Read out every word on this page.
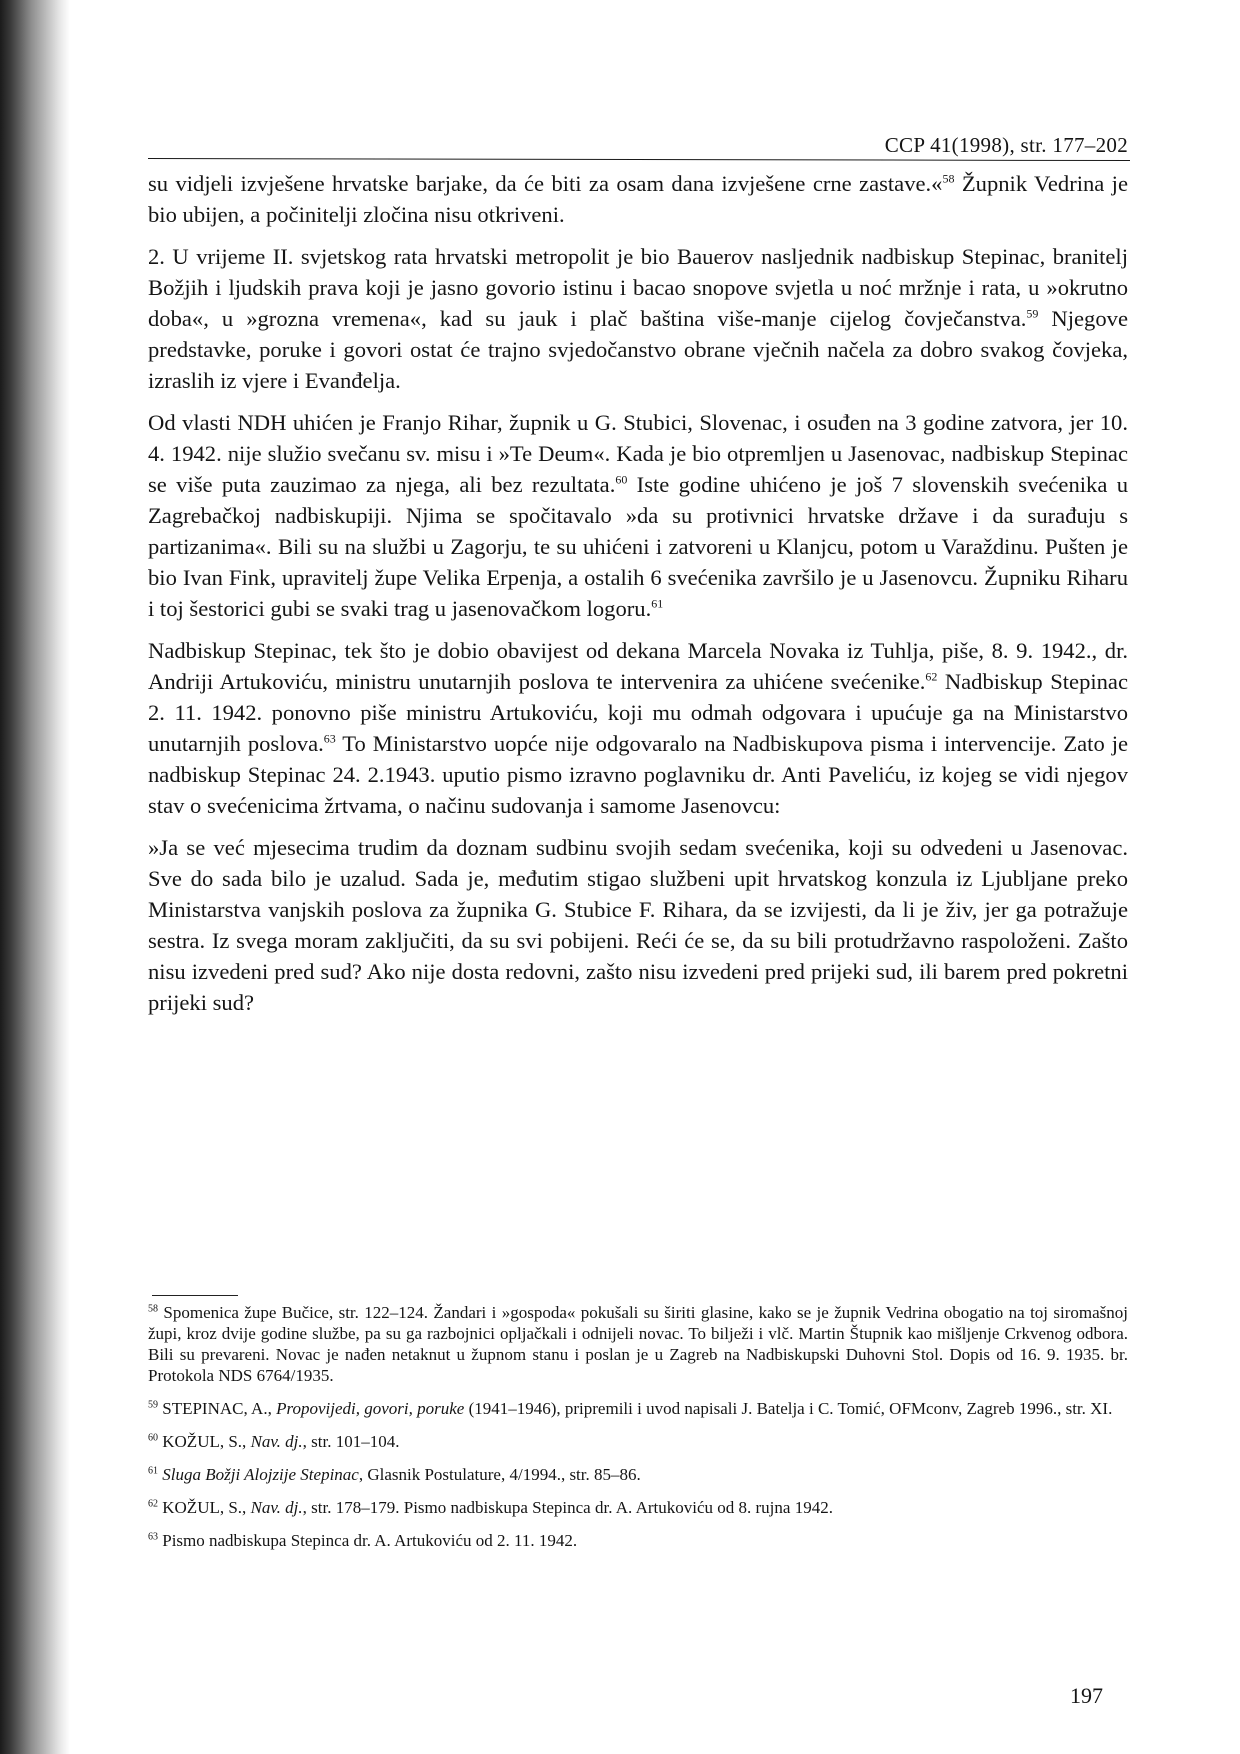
CCP 41(1998), str. 177–202

su vidjeli izvješene hrvatske barjake, da će biti za osam dana izvješene crne zastave.«$^{58}$ Župnik Vedrina je bio ubijen, a počinitelji zločina nisu otkriveni.

2. U vrijeme II. svjetskog rata hrvatski metropolit je bio Bauerov nasljednik nadbiskup Stepinac, branitelj Božjih i ljudskih prava koji je jasno govorio istinu i bacao snopove svjetla u noć mržnje i rata, u »okrutno doba«, u »grozna vremena«, kad su jauk i plač baština više-manje cijelog čovječanstva.$^{59}$ Njegove predstavke, poruke i govori ostat će trajno svjedočanstvo obrane vječnih načela za dobro svakog čovjeka, izraslih iz vjere i Evanđelja.

Od vlasti NDH uhićen je Franjo Rihar, župnik u G. Stubici, Slovenac, i osuđen na 3 godine zatvora, jer 10. 4. 1942. nije služio svečanu sv. misu i »Te Deum«. Kada je bio otpremljen u Jasenovac, nadbiskup Stepinac se više puta zauzimao za njega, ali bez rezultata.$^{60}$ Iste godine uhićeno je još 7 slovenskih svećenika u Zagrebačkoj nadbiskupiji. Njima se spočitavalo »da su protivnici hrvatske države i da surađuju s partizanima«. Bili su na službi u Zagorju, te su uhićeni i zatvoreni u Klanjcu, potom u Varaždinu. Pušten je bio Ivan Fink, upravitelj župe Velika Erpenja, a ostalih 6 svećenika završilo je u Jasenovcu. Župniku Riharu i toj šestorici gubi se svaki trag u jasenovačkom logoru.$^{61}$

Nadbiskup Stepinac, tek što je dobio obavijest od dekana Marcela Novaka iz Tuhlja, piše, 8. 9. 1942., dr. Andriji Artukoviću, ministru unutarnjih poslova te intervenira za uhićene svećenike.$^{62}$ Nadbiskup Stepinac 2. 11. 1942. ponovno piše ministru Artukoviću, koji mu odmah odgovara i upućuje ga na Ministarstvo unutarnjih poslova.$^{63}$ To Ministarstvo uopće nije odgovaralo na Nadbiskupova pisma i intervencije. Zato je nadbiskup Stepinac 24. 2.1943. uputio pismo izravno poglavniku dr. Anti Paveliću, iz kojeg se vidi njegov stav o svećenicima žrtvama, o načinu sudovanja i samome Jasenovcu:

»Ja se već mjesecima trudim da doznam sudbinu svojih sedam svećenika, koji su odvedeni u Jasenovac. Sve do sada bilo je uzalud. Sada je, međutim stigao službeni upit hrvatskog konzula iz Ljubljane preko Ministarstva vanjskih poslova za župnika G. Stubice F. Rihara, da se izvijesti, da li je živ, jer ga potražuje sestra. Iz svega moram zaključiti, da su svi pobijeni. Reći će se, da su bili protudržavno raspoloženi. Zašto nisu izvedeni pred sud? Ako nije dosta redovni, zašto nisu izvedeni pred prijeki sud, ili barem pred pokretni prijeki sud?

$^{58}$ Spomenica župe Bučice, str. 122–124. Žandari i »gospoda« pokušali su širiti glasine, kako se je župnik Vedrina obogatio na toj siromašnoj župi, kroz dvije godine službe, pa su ga razbojnici opljačkali i odnijeli novac. To bilježi i vlč. Martin Štupnik kao mišljenje Crkvenog odbora. Bili su prevareni. Novac je nađen netaknut u župnom stanu i poslan je u Zagreb na Nadbiskupski Duhovni Stol. Dopis od 16. 9. 1935. br. Protokola NDS 6764/1935.

$^{59}$ STEPINAC, A., Propovijedi, govori, poruke (1941–1946), pripremili i uvod napisali J. Batelja i C. Tomić, OFMconv, Zagreb 1996., str. XI.

$^{60}$ KOŽUL, S., Nav. dj., str. 101–104.

$^{61}$ Sluga Božji Alojzije Stepinac, Glasnik Postulature, 4/1994., str. 85–86.

$^{62}$ KOŽUL, S., Nav. dj., str. 178–179. Pismo nadbiskupa Stepinca dr. A. Artukoviću od 8. rujna 1942.

$^{63}$ Pismo nadbiskupa Stepinca dr. A. Artukoviću od 2. 11. 1942.

197
